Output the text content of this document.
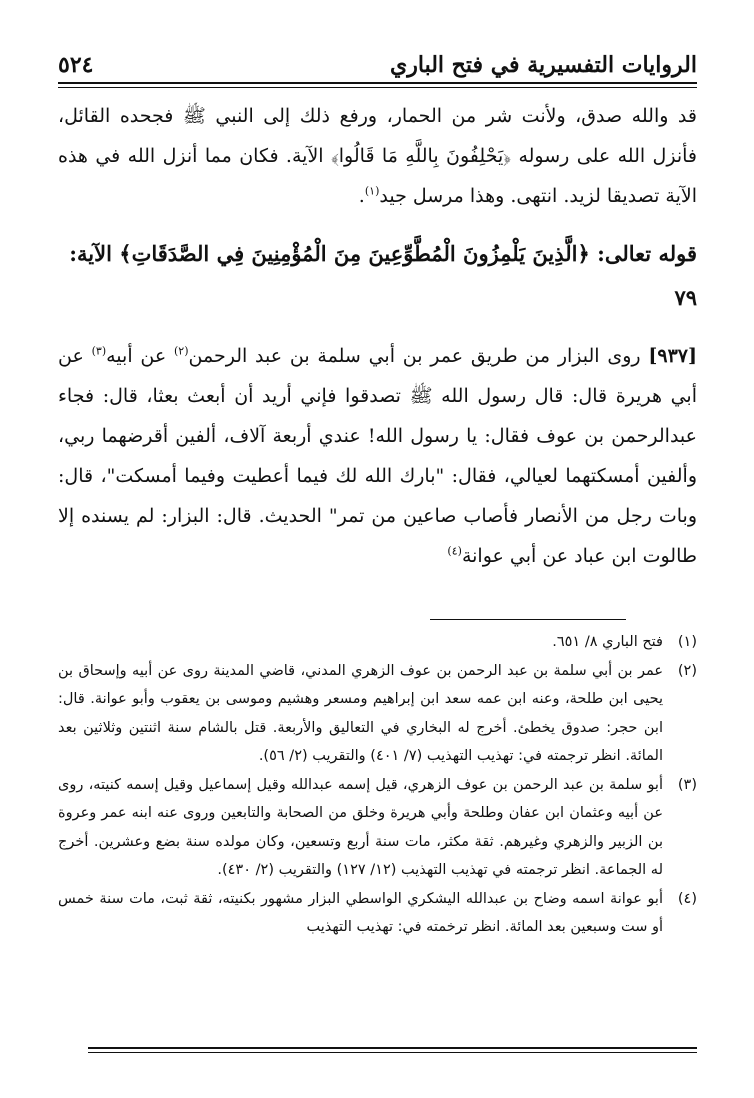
الروايات التفسيرية في فتح الباري
٥٢٤

قد والله صدق، ولأنت شر من الحمار، ورفع ذلك إلى النبي ﷺ فجحده القائل، فأنزل الله على رسوله ﴿يَحْلِفُونَ بِاللَّهِ مَا قَالُوا﴾ الآية. فكان مما أنزل الله في هذه الآية تصديقا لزيد. انتهى. وهذا مرسل جيد$^{(١)}$.

قوله تعالى: ﴿الَّذِينَ يَلْمِزُونَ الْمُطَّوِّعِينَ مِنَ الْمُؤْمِنِينَ فِي الصَّدَقَاتِ﴾ الآية: ٧٩

[٩٣٧] روى البزار من طريق عمر بن أبي سلمة بن عبد الرحمن$^{(٢)}$ عن أبيه$^{(٣)}$ عن أبي هريرة قال: قال رسول الله ﷺ تصدقوا فإني أريد أن أبعث بعثا، قال: فجاء عبدالرحمن بن عوف فقال: يا رسول الله! عندي أربعة آلاف، ألفين أقرضهما ربي، وألفين أمسكتهما لعيالي، فقال: "بارك الله لك فيما أعطيت وفيما أمسكت"، قال: وبات رجل من الأنصار فأصاب صاعين من تمر" الحديث. قال: البزار: لم يسنده إلا طالوت ابن عباد عن أبي عوانة$^{(٤)}$

(١)
فتح الباري ٨/ ٦٥١.
(٢)
عمر بن أبي سلمة بن عبد الرحمن بن عوف الزهري المدني، قاضي المدينة روى عن أبيه وإسحاق بن يحيى ابن طلحة، وعنه ابن عمه سعد ابن إبراهيم ومسعر وهشيم وموسى بن يعقوب وأبو عوانة. قال: ابن حجر: صدوق يخطئ. أخرج له البخاري في التعاليق والأربعة. قتل بالشام سنة اثنتين وثلاثين بعد المائة. انظر ترجمته في: تهذيب التهذيب (٧/ ٤٠١) والتقريب (٢/ ٥٦).
(٣)
أبو سلمة بن عبد الرحمن بن عوف الزهري، قيل إسمه عبدالله وقيل إسماعيل وقيل إسمه كنيته، روى عن أبيه وعثمان ابن عفان وطلحة وأبي هريرة وخلق من الصحابة والتابعين وروى عنه ابنه عمر وعروة بن الزبير والزهري وغيرهم. ثقة مكثر، مات سنة أربع وتسعين، وكان مولده سنة بضع وعشرين. أخرج له الجماعة. انظر ترجمته في تهذيب التهذيب (١٢/ ١٢٧) والتقريب (٢/ ٤٣٠).
(٤)
أبو عوانة اسمه وضاح بن عبدالله اليشكري الواسطي البزار مشهور بكنيته، ثقة ثبت، مات سنة خمس أو ست وسبعين بعد المائة. انظر ترخمته في: تهذيب التهذيب
